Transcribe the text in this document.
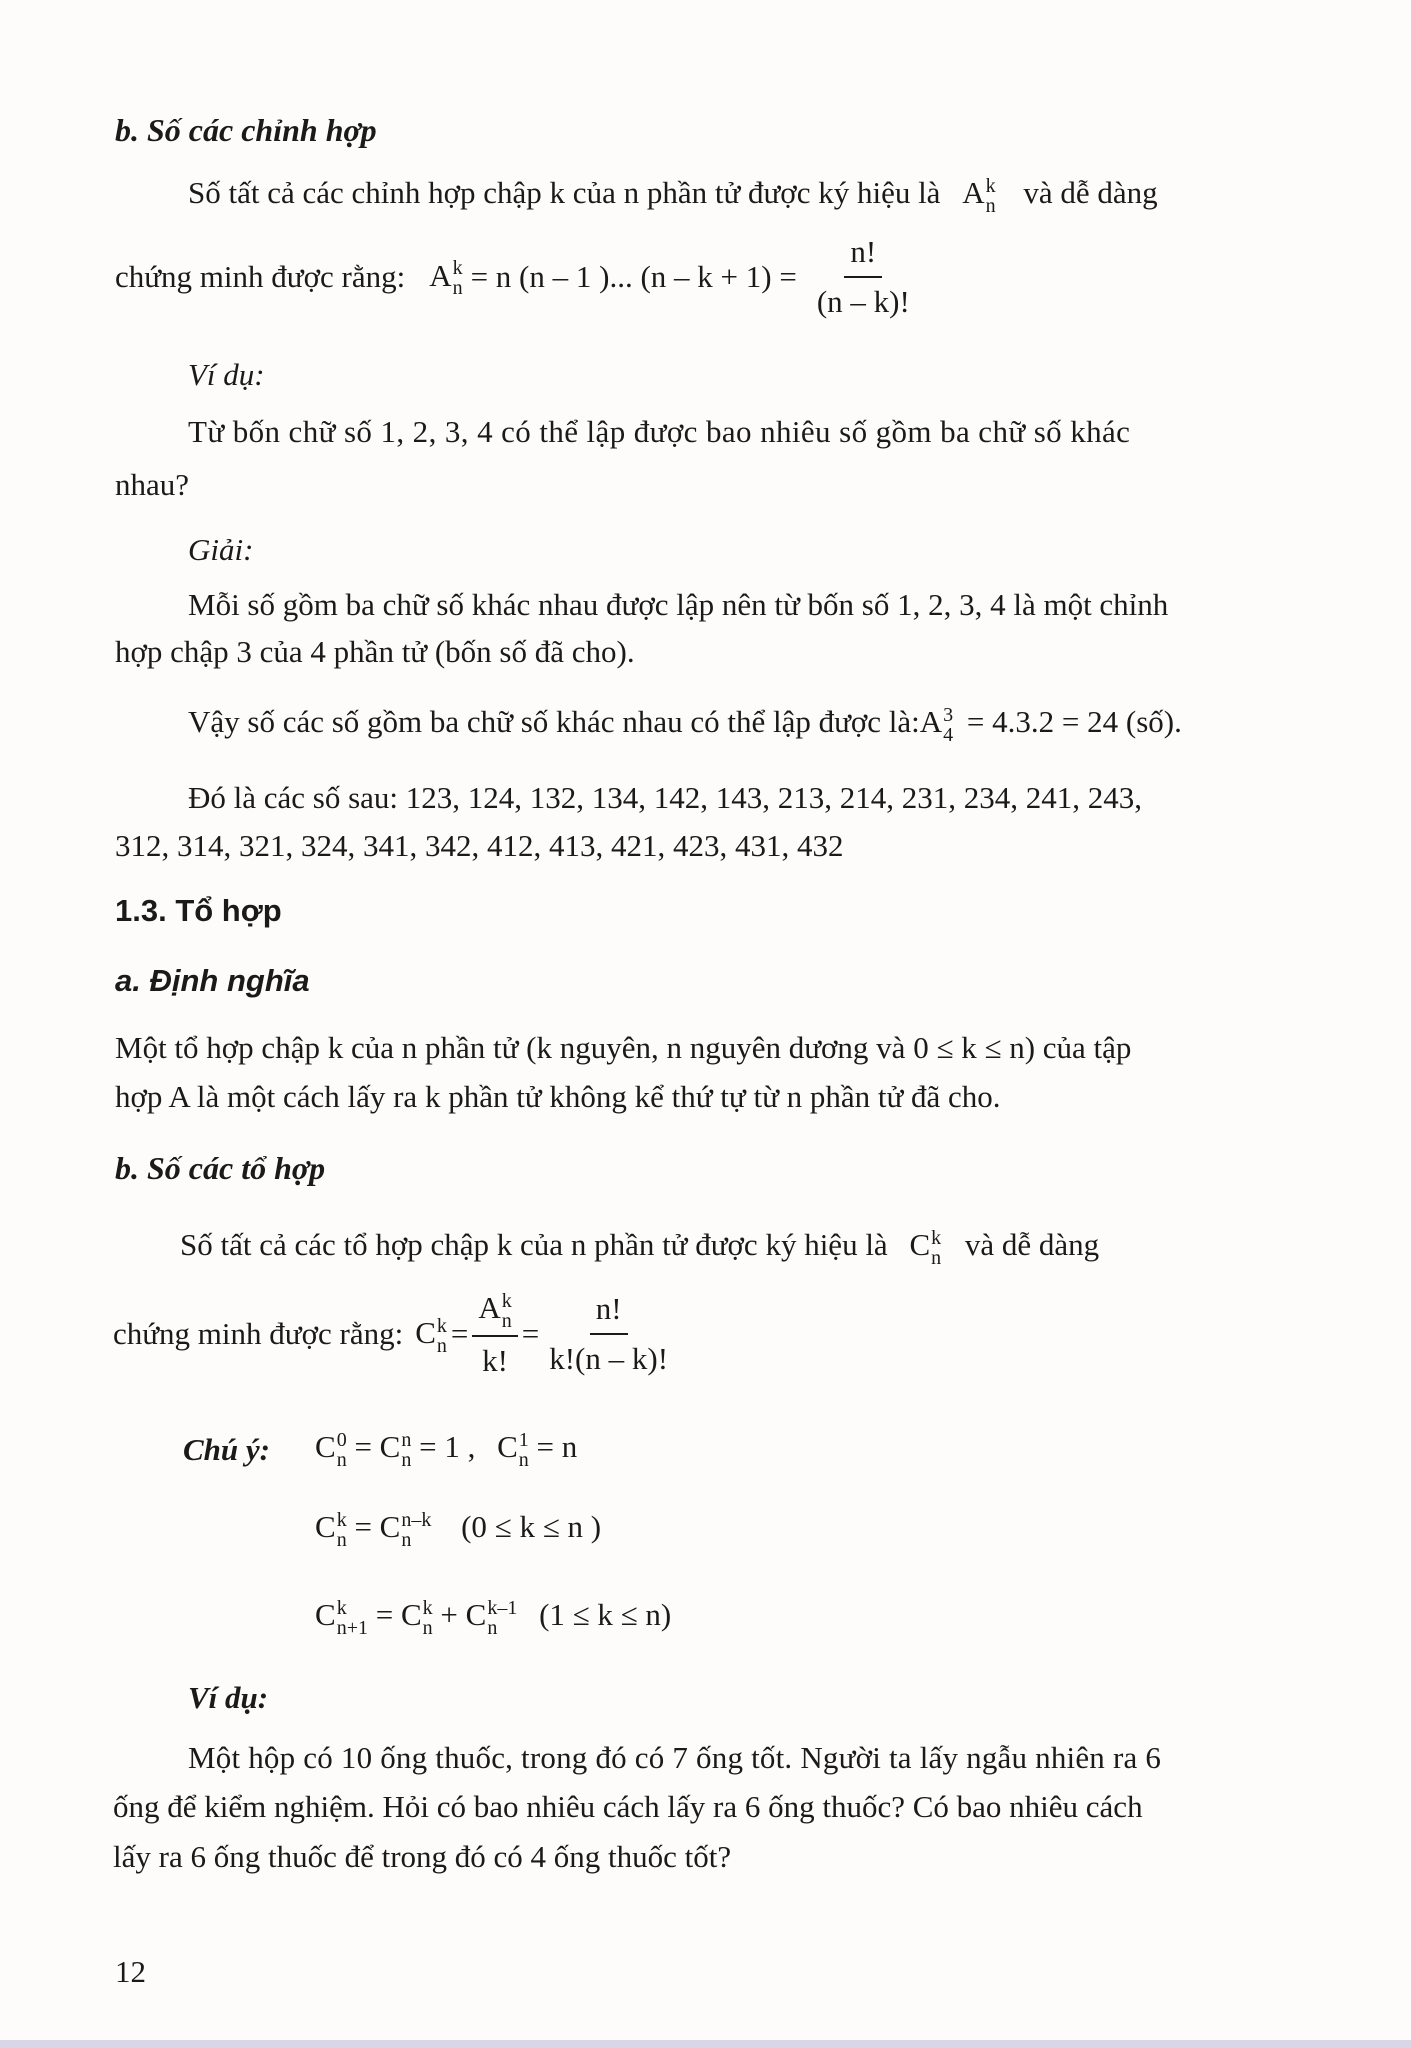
b. Số các chỉnh hợp
Số tất cả các chỉnh hợp chập k của n phần tử được ký hiệu là A k
n và dễ dàng
chứng minh được rằng: A k
n = n (n – 1 )... $(n - k + 1) = \frac{n!}{(n - k)!}$
Ví dụ:
Từ bốn chữ số 1, 2, 3, 4 có thể lập được bao nhiêu số gồm ba chữ số khác
nhau?
Giải:
Mỗi số gồm ba chữ số khác nhau được lập nên từ bốn số 1, 2, 3, 4 là một chỉnh
hợp chập 3 của 4 phần tử (bốn số đã cho).
Vậy số các số gồm ba chữ số khác nhau có thể lập được là:A 3
4 = 4.3.2 = 24 (số).
Đó là các số sau: 123, 124, 132, 134, 142, 143, 213, 214, 231, 234, 241, 243,
312, 314, 321, 324, 341, 342, 412, 413, 421, 423, 431, 432
1.3. Tổ hợp
a. Định nghĩa
Một tổ hợp chập k của n phần tử (k nguyên, n nguyên dương và 0 ≤ k ≤ n) của tập
hợp A là một cách lấy ra k phần tử không kể thứ tự từ n phần tử đã cho.
b. Số các tổ hợp
Số tất cả các tổ hợp chập k của n phần tử được ký hiệu là C k
n và dễ dàng
chứng minh được rằng: C k
n = A k
n
k! = $\frac{n!}{k!(n - k)!}$
Chú ý: C 0
n = C n
n = 1 , C 1
n = n
C k
n = C n–k
n	(0 ≤ k ≤ n )
C k
n+1 = C k
n + C k–1
n	(1 ≤ k ≤ n)
Ví dụ:
Một hộp có 10 ống thuốc, trong đó có 7 ống tốt. Người ta lấy ngẫu nhiên ra 6
ống để kiểm nghiệm. Hỏi có bao nhiêu cách lấy ra 6 ống thuốc? Có bao nhiêu cách
lấy ra 6 ống thuốc để trong đó có 4 ống thuốc tốt?
12
